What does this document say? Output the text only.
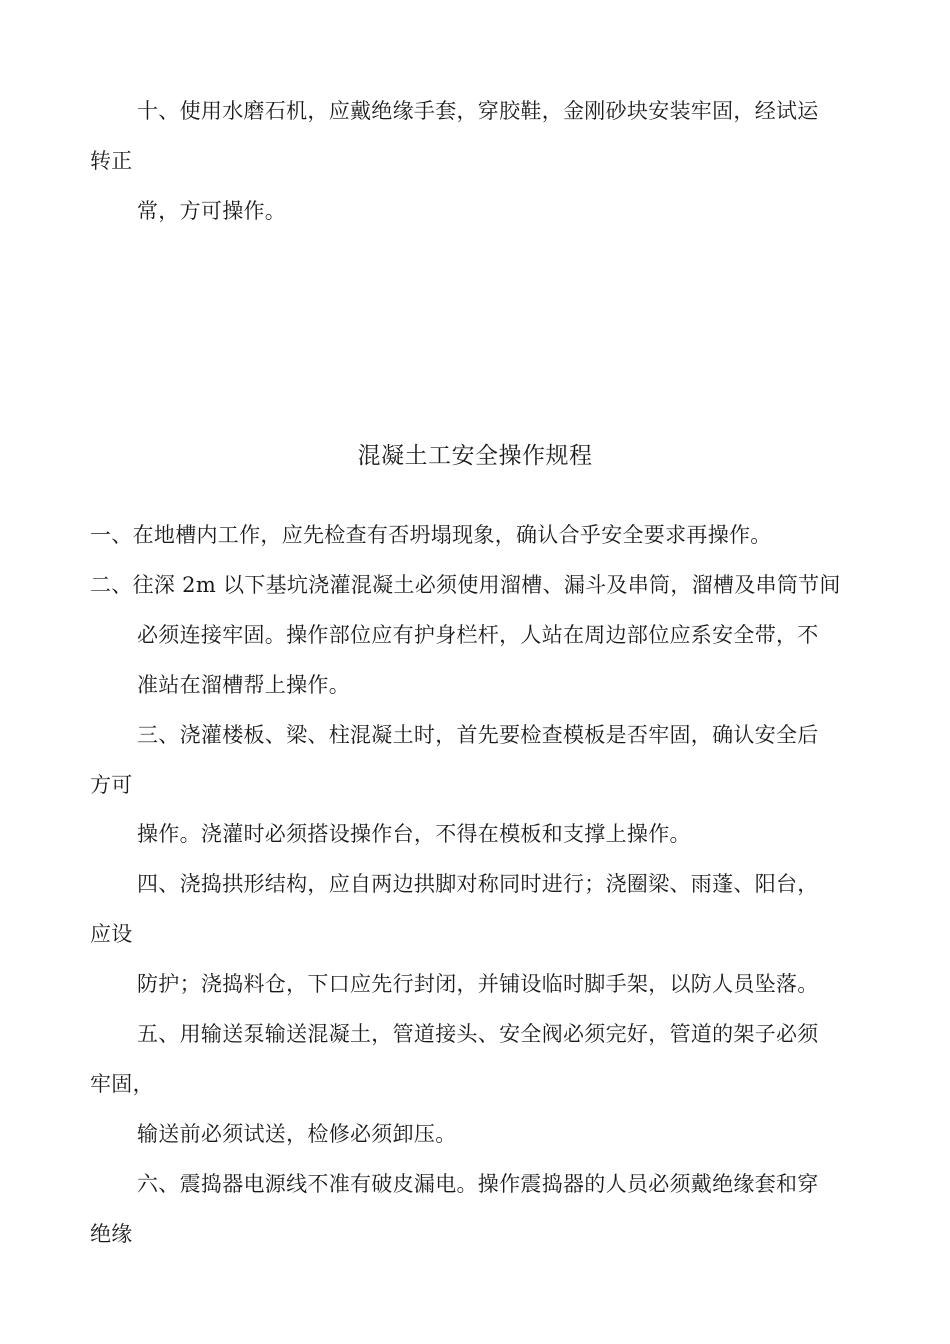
十、使用水磨石机，应戴绝缘手套，穿胶鞋，金刚砂块安装牢固，经试运
转正
常，方可操作。
混凝土工安全操作规程
一、在地槽内工作，应先检查有否坍塌现象，确认合乎安全要求再操作。
二、往深 2m 以下基坑浇灌混凝土必须使用溜槽、漏斗及串筒，溜槽及串筒节间
必须连接牢固。操作部位应有护身栏杆，人站在周边部位应系安全带，不
准站在溜槽帮上操作。
三、浇灌楼板、梁、柱混凝土时，首先要检查模板是否牢固，确认安全后
方可
操作。浇灌时必须搭设操作台，不得在模板和支撑上操作。
四、浇捣拱形结构，应自两边拱脚对称同时进行；浇圈梁、雨蓬、阳台，
应设
防护；浇捣料仓，下口应先行封闭，并铺设临时脚手架，以防人员坠落。
五、用输送泵输送混凝土，管道接头、安全阀必须完好，管道的架子必须
牢固，
输送前必须试送，检修必须卸压。
六、震捣器电源线不准有破皮漏电。操作震捣器的人员必须戴绝缘套和穿
绝缘
